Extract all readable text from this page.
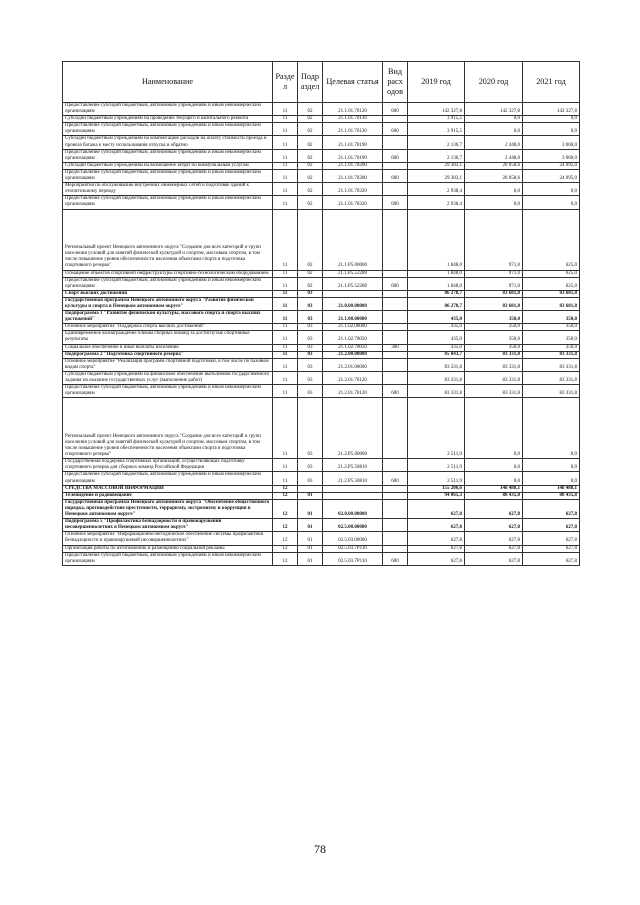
Наименование	Разде л	Подр аздел	Целевая статья	Вид расх одов	2019 год	2020 год	2021 год
Предоставление субсидий бюджетным, автономным учреждениям и иным некоммерческим организациям	11	02	21.1.01.70120	600	142 327,8	142 327,8	142 327,8
Субсидии бюджетным учреждениям на проведение текущего и капитального ремонта	11	02	21.1.01.70130		3 915,5	0,0	0,0
Предоставление субсидий бюджетным, автономным учреждениям и иным некоммерческим организациям	11	02	21.1.01.70130	600	3 915,5	0,0	0,0
Субсидии бюджетным учреждениям на компенсацию расходов на оплату стоимости проезда и провоза багажа к месту использования отпуска и обратно	11	02	21.1.01.70190		2 136,7	2 448,0	3 060,0
Предоставление субсидий бюджетным, автономным учреждениям и иным некоммерческим организациям	11	02	21.1.01.70190	600	2 136,7	2 448,0	3 060,0
Субсидии бюджетным учреждениям на возмещение затрат по коммунальным услугам	11	02	21.1.01.70200		29 383,1	26 058,6	24 095,0
Предоставление субсидий бюджетным, автономным учреждениям и иным некоммерческим организациям	11	02	21.1.01.70200	600	29 383,1	26 058,6	24 095,0
Мероприятия по обслуживанию внутренних инженерных сетей и подготовке зданий к отопительному периоду	11	02	21.1.01.70320		2 938,4	0,0	0,0
Предоставление субсидий бюджетным, автономным учреждениям и иным некоммерческим организациям	11	02	21.1.01.70320	600	2 938,4	0,0	0,0
Региональный проект Ненецкого автономного округа "Создание для всех категорий и групп населения условий для занятий физической культурой и спортом, массовым спортом, в том числе повышение уровня обеспеченности населения объектами спорта и подготовка спортивного резерва"	11	02	21.1.P5.00000		1 848,0	971,0	625,0
Оснащение объектов спортивной инфраструктуры спортивно-технологическим оборудованием	11	02	21.1.P5.52280		1 848,0	971,0	625,0
Предоставление субсидий бюджетным, автономным учреждениям и иным некоммерческим организациям	11	02	21.1.P5.52280	600	1 848,0	971,0	625,0
Спорт высших достижений	11	03			86 278,7	83 681,8	83 681,8
Государственная программа Ненецкого автономного округа "Развитие физической культуры и спорта в Ненецком автономном округе"	11	03	21.0.00.00000		86 278,7	83 681,8	83 681,8
Подпрограмма 1 "Развитие физической культуры, массового спорта и спорта высших достижений"	11	03	21.1.00.00000		435,0	350,0	350,0
Основное мероприятие "Поддержка спорта высших достижений"	11	03	21.1.02.00000		435,0	350,0	350,0
Единовременное вознаграждение членам сборных команд за достигнутые спортивные результаты	11	03	21.1.02.70050		435,0	350,0	350,0
Социальное обеспечение и иные выплаты населению	11	03	21.1.02.70050	300	435,0	350,0	350,0
Подпрограмма 2 "Подготовка спортивного резерва"	11	03	21.2.00.00000		85 843,7	83 331,8	83 331,8
Основное мероприятие "Реализация программ спортивной подготовки, в том числе по базовым видам спорта"	11	03	21.2.01.00000		83 331,8	83 331,8	83 331,8
Субсидии бюджетным учреждениям на финансовое обеспечение выполнения государственного задания на оказание государственных услуг (выполнение работ)	11	03	21.2.01.70120		83 331,8	83 331,8	83 331,8
Предоставление субсидий бюджетным, автономным учреждениям и иным некоммерческим организациям	11	03	21.2.01.70120	600	83 331,8	83 331,8	83 331,8
Региональный проект Ненецкого автономного округа "Создание для всех категорий и групп населения условий для занятий физической культурой и спортом, массовым спортом, в том числе повышение уровня обеспеченности населения объектами спорта и подготовка спортивного резерва"	11	03	21.2.P5.00000		2 511,9	0,0	0,0
Государственная поддержка спортивных организаций, осуществляющих подготовку спортивного резерва для сборных команд Российской Федерации	11	03	21.2.P5.50810		2 511,9	0,0	0,0
Предоставление субсидий бюджетным, автономным учреждениям и иным некоммерческим организациям	11	03	21.2.P5.50810	600	2 511,9	0,0	0,0
СРЕДСТВА МАССОВОЙ ИНФОРМАЦИИ	12				155 206,6	148 488,1	148 488,1
Телевидение и радиовещание	12	01			94 065,3	88 435,8	88 435,8
Государственная программа Ненецкого автономного округа "Обеспечение общественного порядка, противодействие преступности, терроризму, экстремизму и коррупции в Ненецком автономном округе"	12	01	02.0.00.00000		627,8	627,8	627,8
Подпрограмма 5 "Профилактика безнадзорности и правонарушений несовершеннолетних в Ненецком автономном округе"	12	01	02.5.00.00000		627,8	627,8	627,8
Основное мероприятие "Информационно-методическое обеспечение системы профилактики безнадзорности и правонарушений несовершеннолетних"	12	01	02.5.03.00000		627,8	627,8	627,8
Организация работы по изготовлению и размещению социальной рекламы	12	01	02.5.03.7P110		627,8	627,8	627,8
Предоставление субсидий бюджетным, автономным учреждениям и иным некоммерческим организациям	12	01	02.5.03.7P110	600	627,8	627,8	627,8
78
